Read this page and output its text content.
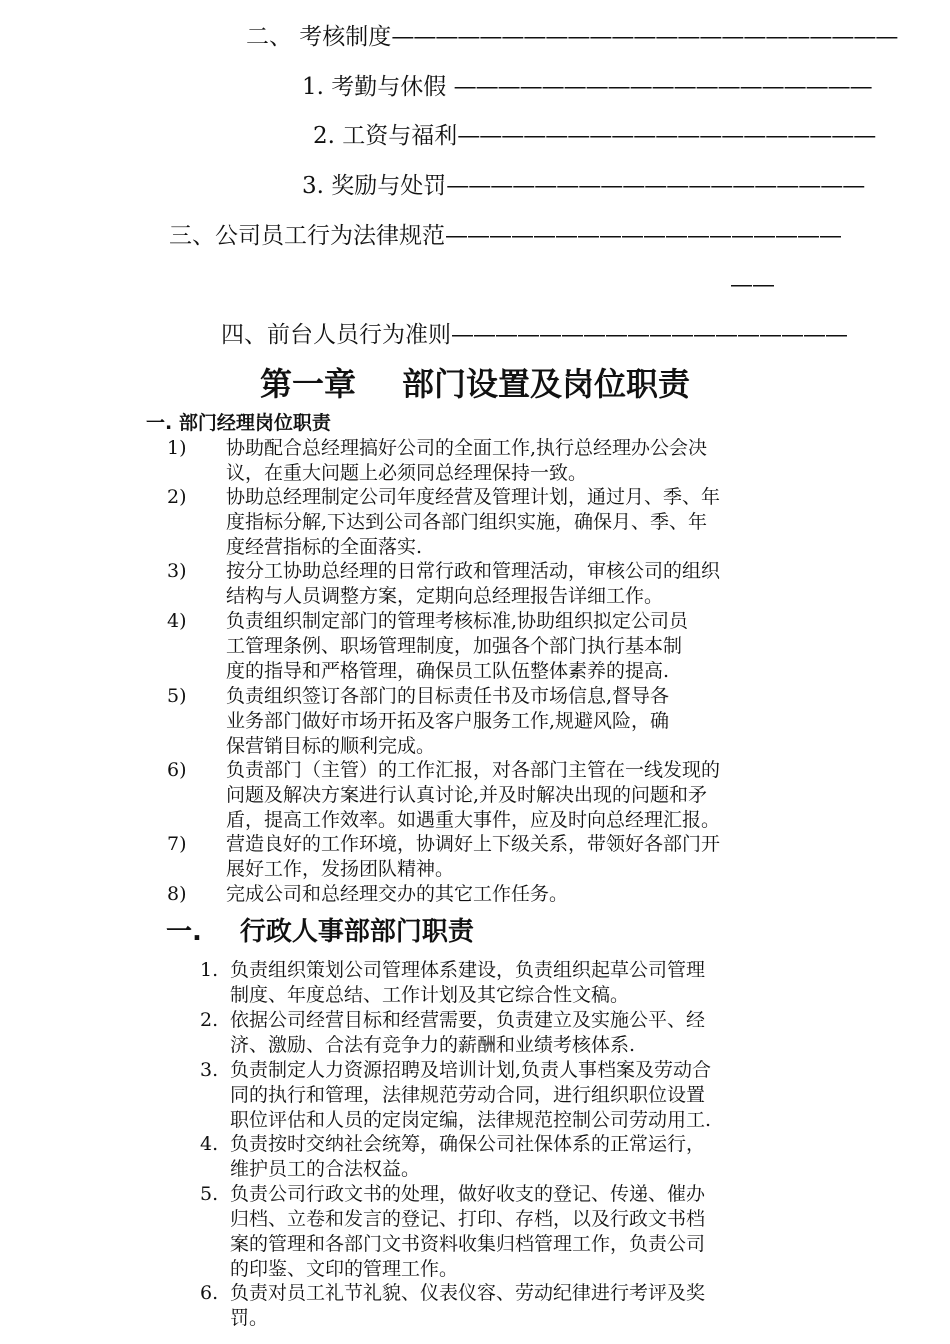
二、 考核制度———————————————————————
1. 考勤与休假 ———————————————————
2. 工资与福利———————————————————
3. 奖励与处罚———————————————————
三、公司员工行为法律规范——————————————————
——
四、前台人员行为准则——————————————————
第一章 部门设置及岗位职责
一. 部门经理岗位职责
1) 协助配合总经理搞好公司的全面工作,执行总经理办公会决
议，在重大问题上必须同总经理保持一致。
2) 协助总经理制定公司年度经营及管理计划，通过月、季、年
度指标分解,下达到公司各部门组织实施，确保月、季、年
度经营指标的全面落实.
3) 按分工协助总经理的日常行政和管理活动，审核公司的组织
结构与人员调整方案，定期向总经理报告详细工作。
4) 负责组织制定部门的管理考核标准,协助组织拟定公司员
工管理条例、职场管理制度，加强各个部门执行基本制
度的指导和严格管理，确保员工队伍整体素养的提高.
5) 负责组织签订各部门的目标责任书及市场信息,督导各
业务部门做好市场开拓及客户服务工作,规避风险，确
保营销目标的顺利完成。
6) 负责部门（主管）的工作汇报，对各部门主管在一线发现的
问题及解决方案进行认真讨论,并及时解决出现的问题和矛
盾，提高工作效率。如遇重大事件，应及时向总经理汇报。
7) 营造良好的工作环境，协调好上下级关系，带领好各部门开
展好工作，发扬团队精神。
8) 完成公司和总经理交办的其它工作任务。
一. 行政人事部部门职责
1. 负责组织策划公司管理体系建设，负责组织起草公司管理
制度、年度总结、工作计划及其它综合性文稿。
2. 依据公司经营目标和经营需要，负责建立及实施公平、经
济、激励、合法有竞争力的薪酬和业绩考核体系.
3. 负责制定人力资源招聘及培训计划,负责人事档案及劳动合
同的执行和管理，法律规范劳动合同，进行组织职位设置
职位评估和人员的定岗定编，法律规范控制公司劳动用工.
4. 负责按时交纳社会统筹，确保公司社保体系的正常运行，
维护员工的合法权益。
5. 负责公司行政文书的处理，做好收支的登记、传递、催办
归档、立卷和发言的登记、打印、存档，以及行政文书档
案的管理和各部门文书资料收集归档管理工作，负责公司
的印鉴、文印的管理工作。
6. 负责对员工礼节礼貌、仪表仪容、劳动纪律进行考评及奖
罚。
